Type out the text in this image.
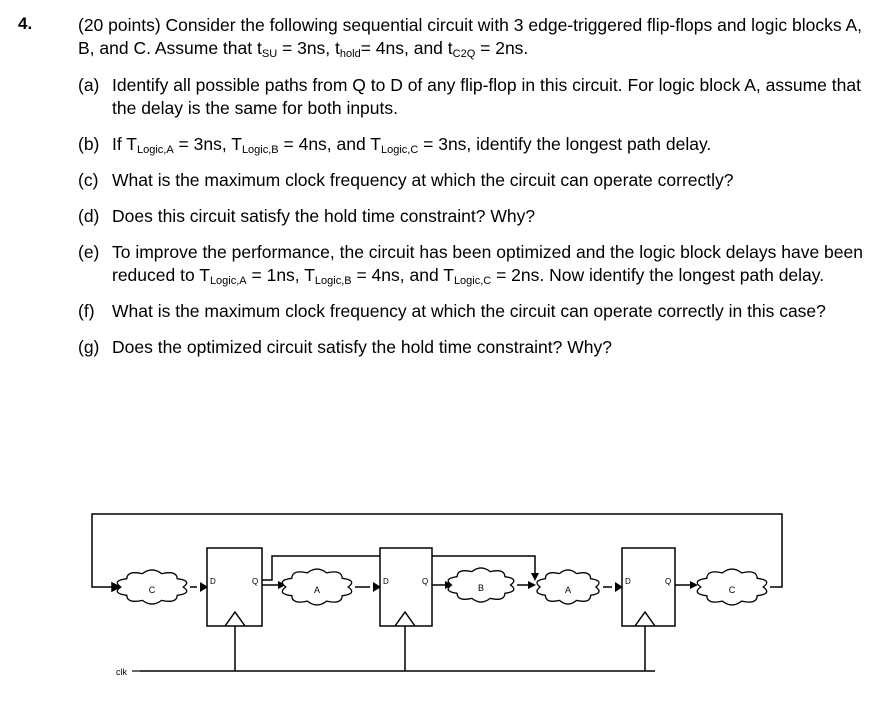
4.	(20 points) Consider the following sequential circuit with 3 edge-triggered flip-flops and logic blocks A, B, and C. Assume that $t_{SU} = 3ns$, $t_{hold}= 4ns$, and $t_{C2Q} = 2ns$.
(a) Identify all possible paths from Q to D of any flip-flop in this circuit. For logic block A, assume that the delay is the same for both inputs.
(b) If $T_{Logic,A} = 3ns$, $T_{Logic,B} = 4ns$, and $T_{Logic,C} = 3ns$, identify the longest path delay.
(c) What is the maximum clock frequency at which the circuit can operate correctly?
(d) Does this circuit satisfy the hold time constraint? Why?
(e) To improve the performance, the circuit has been optimized and the logic block delays have been reduced to $T_{Logic,A} = 1ns$, $T_{Logic,B} = 4ns$, and $T_{Logic,C} = 2ns$. Now identify the longest path delay.
(f) What is the maximum clock frequency at which the circuit can operate correctly in this case?
(g) Does the optimized circuit satisfy the hold time constraint? Why?
D	Q	D	Q	D	Q
C	A	B	A	C
clk
